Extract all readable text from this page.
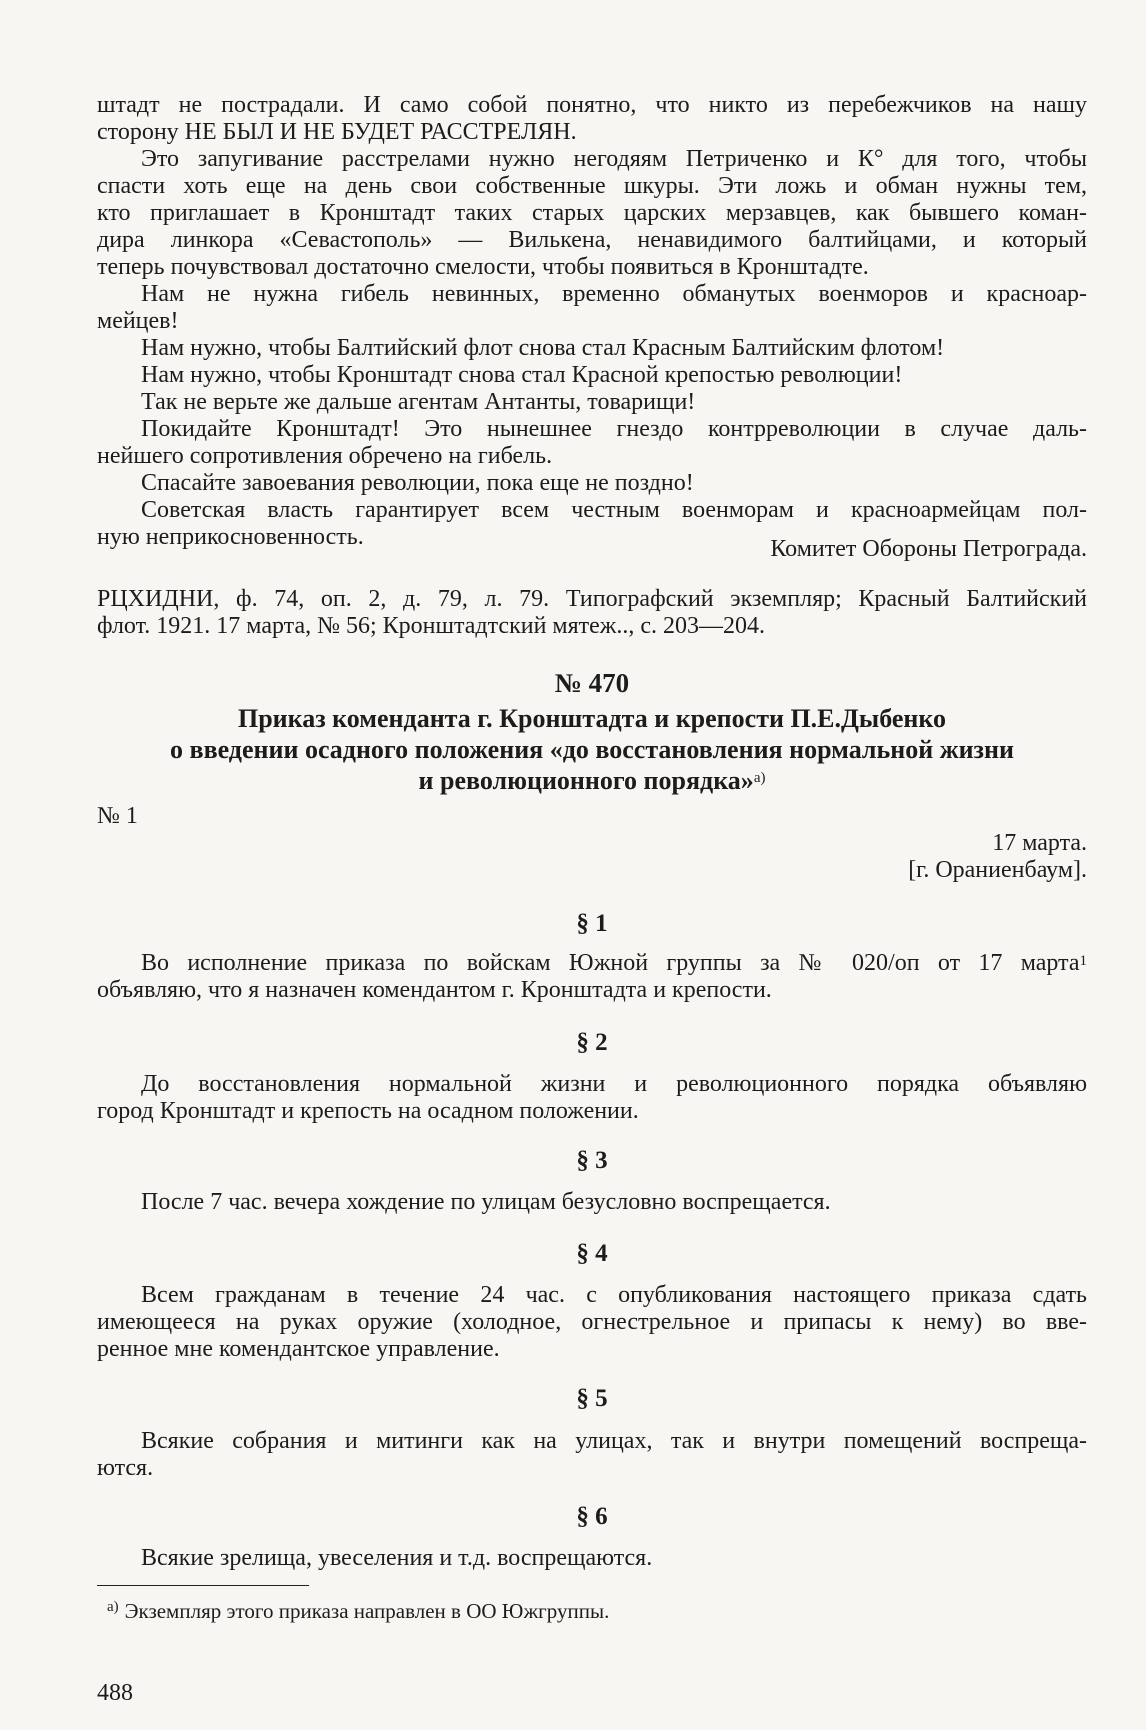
штадт не пострадали. И само собой понятно, что никто из перебежчиков на нашу
сторону НЕ БЫЛ И НЕ БУДЕТ РАССТРЕЛЯН.
Это запугивание расстрелами нужно негодяям Петриченко и К° для того, чтобы
спасти хоть еще на день свои собственные шкуры. Эти ложь и обман нужны тем,
кто приглашает в Кронштадт таких старых царских мерзавцев, как бывшего коман-
дира линкора «Севастополь» — Вилькена, ненавидимого балтийцами, и который
теперь почувствовал достаточно смелости, чтобы появиться в Кронштадте.
Нам не нужна гибель невинных, временно обманутых военморов и красноар-
мейцев!
Нам нужно, чтобы Балтийский флот снова стал Красным Балтийским флотом!
Нам нужно, чтобы Кронштадт снова стал Красной крепостью революции!
Так не верьте же дальше агентам Антанты, товарищи!
Покидайте Кронштадт! Это нынешнее гнездо контрреволюции в случае даль-
нейшего сопротивления обречено на гибель.
Спасайте завоевания революции, пока еще не поздно!
Советская власть гарантирует всем честным военморам и красноармейцам пол-
ную неприкосновенность.	Комитет Обороны Петрограда.
РЦХИДНИ, ф. 74, оп. 2, д. 79, л. 79. Типографский экземпляр; Красный Балтийский
флот. 1921. 17 марта, № 56; Кронштадтский мятеж.., с. 203—204.
№ 470
Приказ коменданта г. Кронштадта и крепости П.Е.Дыбенко
о введении осадного положения «до восстановления нормальной жизни
и революционного порядка»$^{а)}$
№ 1
17 марта.
[г. Ораниенбаум].
§ 1
Во исполнение приказа по войскам Южной группы за № 020/оп от 17 марта$^1$
объявляю, что я назначен комендантом г. Кронштадта и крепости.
§ 2
До восстановления нормальной жизни и революционного порядка объявляю
город Кронштадт и крепость на осадном положении.
§ 3
После 7 час. вечера хождение по улицам безусловно воспрещается.
§ 4
Всем гражданам в течение 24 час. с опубликования настоящего приказа сдать
имеющееся на руках оружие (холодное, огнестрельное и припасы к нему) во вве-
ренное мне комендантское управление.
§ 5
Всякие собрания и митинги как на улицах, так и внутри помещений воспреща-
ются.
§ 6
Всякие зрелища, увеселения и т.д. воспрещаются.
$^{а)}$ Экземпляр этого приказа направлен в ОО Южгруппы.
488
